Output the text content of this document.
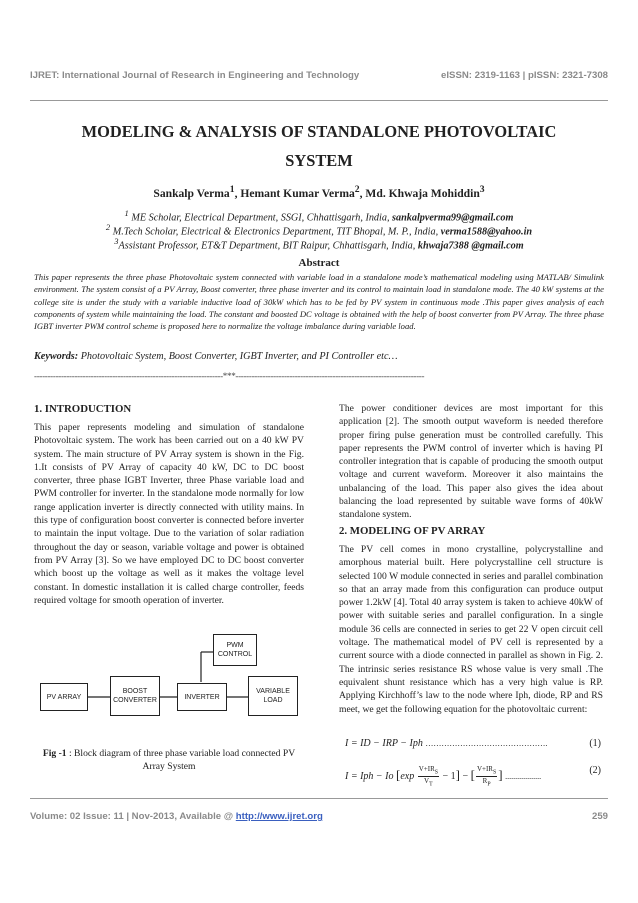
IJRET: International Journal of Research in Engineering and Technology	eISSN: 2319-1163 | pISSN: 2321-7308
MODELING & ANALYSIS OF STANDALONE PHOTOVOLTAIC
SYSTEM
Sankalp Verma$^1$, Hemant Kumar Verma$^2$, Md. Khwaja Mohiddin$^3$
$^1$ ME Scholar, Electrical Department, SSGI, Chhattisgarh, India, sankalpverma99@gmail.com
$^2$ M.Tech Scholar, Electrical & Electronics Department, TIT Bhopal, M. P., India, verma1588@yahoo.in
$^3$Assistant Professor, ET&T Department, BIT Raipur, Chhattisgarh, India, khwaja7388 @gmail.com
Abstract
This paper represents the three phase Photovoltaic system connected with variable load in a standalone mode’s mathematical modeling using MATLAB/ Simulink environment. The system consist of a PV Array, Boost converter, three phase inverter and its control to maintain load in standalone mode. The 40 kW systems at the college site is under the study with a variable inductive load of 30kW which has to be fed by PV system in continuous mode .This paper gives analysis of each components of system while maintaining the load. The constant and boosted DC voltage is obtained with the help of boost converter from PV Array. The three phase IGBT inverter PWM control scheme is proposed here to normalize the voltage imbalance during variable load.
Keywords: Photovoltaic System, Boost Converter, IGBT Inverter, and PI Controller etc…
----------------------------------------------------------------------***----------------------------------------------------------------------
1. INTRODUCTION
This paper represents modeling and simulation of standalone Photovoltaic system. The work has been carried out on a 40 kW PV system. The main structure of PV Array system is shown in the Fig. 1.It consists of PV Array of capacity 40 kW, DC to DC boost converter, three phase IGBT Inverter, three Phase variable load and PWM controller for inverter. In the standalone mode normally for low range application inverter is directly connected with utility mains. In this type of configuration boost converter is connected before inverter to maintain the input voltage. Due to the variation of solar radiation throughout the day or season, variable voltage and power is obtained from PV Array [3]. So we have employed DC to DC boost converter which boost up the voltage as well as it makes the voltage level constant. In domestic installation it is called charge controller, feeds required voltage for smooth operation of inverter.
PV ARRAY
BOOST
CONVERTER	INVERTER
PWM
CONTROL
VARIABLE
LOAD
Fig -1 : Block diagram of three phase variable load connected PV Array System
The power conditioner devices are most important for this application [2]. The smooth output waveform is needed therefore proper firing pulse generation must be controlled carefully. This paper represents the PWM control of inverter which is having PI controller integration that is capable of producing the smooth output voltage and current waveform. Moreover it also maintains the unbalancing of the load. This paper also gives the idea about balancing the load represented by suitable wave forms of 40kW standalone system.
2. MODELING OF PV ARRAY
The PV cell comes in mono crystalline, polycrystalline and amorphous material built. Here polycrystalline cell structure is selected 100 W module connected in series and parallel combination so that an array made from this configuration can produce output power 1.2kW [4]. Total 40 array system is taken to achieve 40kW of power with suitable series and parallel configuration. In a single module 36 cells are connected in series to get 22 V open circuit cell voltage. The mathematical model of PV cell is represented by a current source with a diode connected in parallel as shown in Fig. 2. The intrinsic series resistance RS whose value is very small .The equivalent shunt resistance which has a very high value is RP. Applying Kirchhoff’s law to the node where Iph, diode, RP and RS meet, we get the following equation for the photovoltaic current:
I = ID − IRP − Iph ……………………………………….	(1)
I = Iph − Io $[\exp \frac{V+IR_S}{V_T} - 1]$ − [ $\frac{V+IR_S}{R_P}$ ] ..................
(2)
Volume: 02 Issue: 11 | Nov-2013, Available @ http://www.ijret.org	259
